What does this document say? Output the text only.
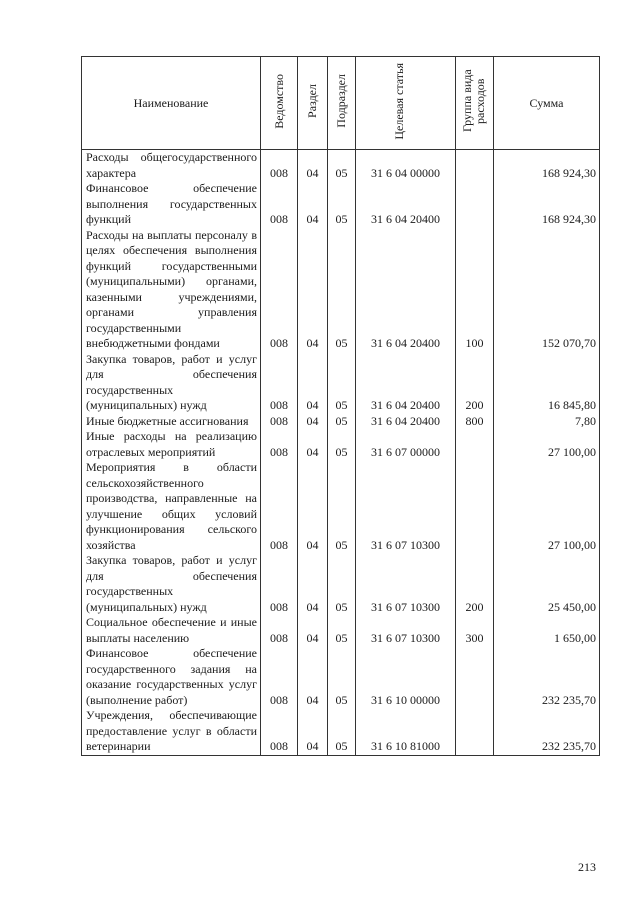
Наименование	Ведомство	Раздел	Подраздел	Целевая статья	Группа вида расходов	Сумма
Расходы общегосударственного характера	008	04	05	31 6 04 00000		168 924,30
Финансовое обеспечение выполнения государственных функций	008	04	05	31 6 04 20400		168 924,30
Расходы на выплаты персоналу в целях обеспечения выполнения функций государственными (муниципальными) органами, казенными учреждениями, органами управления государственными внебюджетными фондами	008	04	05	31 6 04 20400	100	152 070,70
Закупка товаров, работ и услуг для обеспечения государственных (муниципальных) нужд	008	04	05	31 6 04 20400	200	16 845,80
Иные бюджетные ассигнования	008	04	05	31 6 04 20400	800	7,80
Иные расходы на реализацию отраслевых мероприятий	008	04	05	31 6 07 00000		27 100,00
Мероприятия в области сельскохозяйственного производства, направленные на улучшение общих условий функционирования сельского хозяйства	008	04	05	31 6 07 10300		27 100,00
Закупка товаров, работ и услуг для обеспечения государственных (муниципальных) нужд	008	04	05	31 6 07 10300	200	25 450,00
Социальное обеспечение и иные выплаты населению	008	04	05	31 6 07 10300	300	1 650,00
Финансовое обеспечение государственного задания на оказание государственных услуг (выполнение работ)	008	04	05	31 6 10 00000		232 235,70
Учреждения, обеспечивающие предоставление услуг в области ветеринарии	008	04	05	31 6 10 81000		232 235,70
213
